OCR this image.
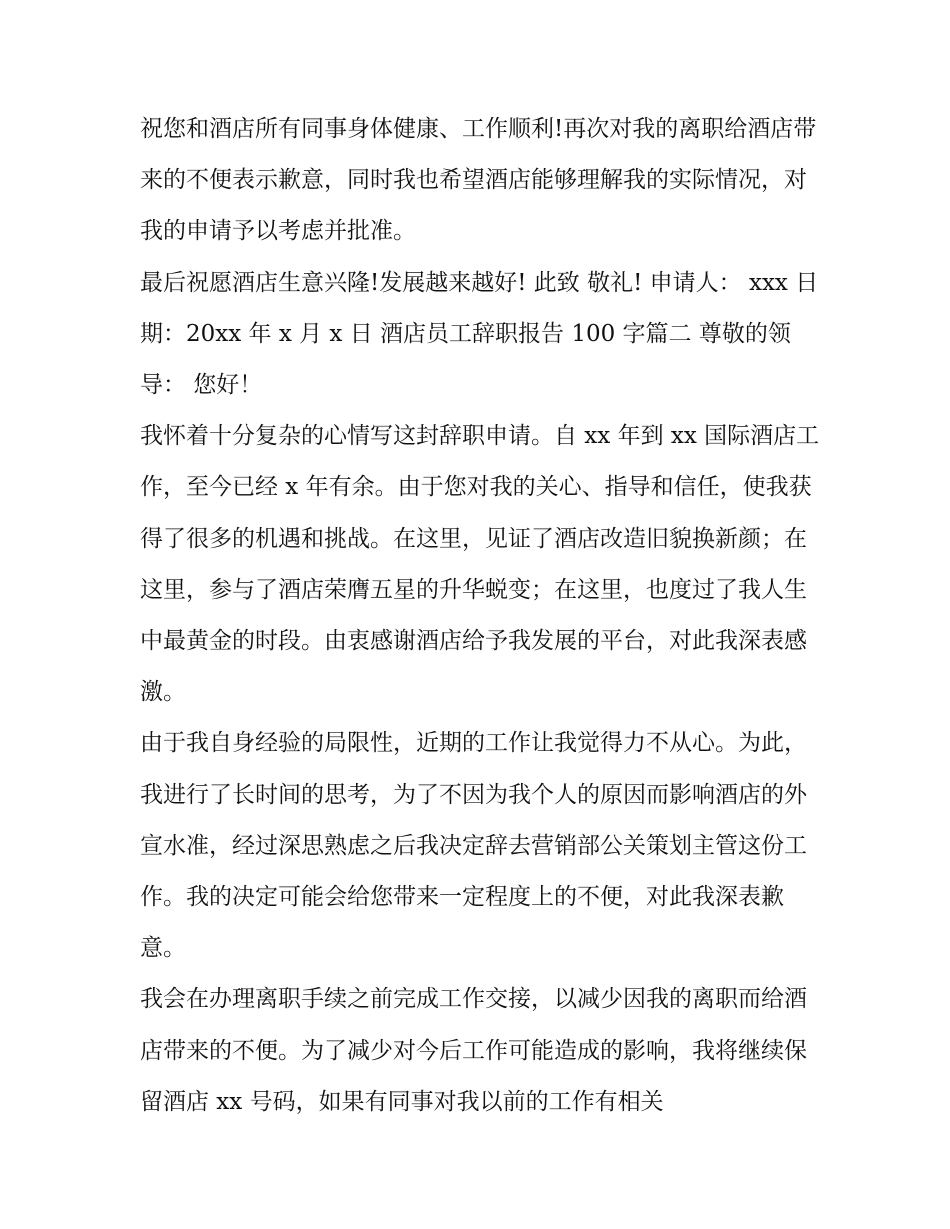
祝您和酒店所有同事身体健康、工作顺利!再次对我的离职给酒店带来的不便表示歉意，同时我也希望酒店能够理解我的实际情况，对我的申请予以考虑并批准。

最后祝愿酒店生意兴隆!发展越来越好! 此致 敬礼! 申请人： xxx 日 期：20xx 年 x 月 x 日 酒店员工辞职报告 100 字篇二 尊敬的领导： 您好！

我怀着十分复杂的心情写这封辞职申请。自 xx 年到 xx 国际酒店工作，至今已经 x 年有余。由于您对我的关心、指导和信任，使我获得了很多的机遇和挑战。在这里，见证了酒店改造旧貌换新颜；在这里，参与了酒店荣膺五星的升华蜕变；在这里，也度过了我人生中最黄金的时段。由衷感谢酒店给予我发展的平台，对此我深表感激。

由于我自身经验的局限性，近期的工作让我觉得力不从心。为此，我进行了长时间的思考，为了不因为我个人的原因而影响酒店的外宣水准，经过深思熟虑之后我决定辞去营销部公关策划主管这份工作。我的决定可能会给您带来一定程度上的不便，对此我深表歉意。

我会在办理离职手续之前完成工作交接，以减少因我的离职而给酒店带来的不便。为了减少对今后工作可能造成的影响，我将继续保留酒店 xx 号码，如果有同事对我以前的工作有相关
